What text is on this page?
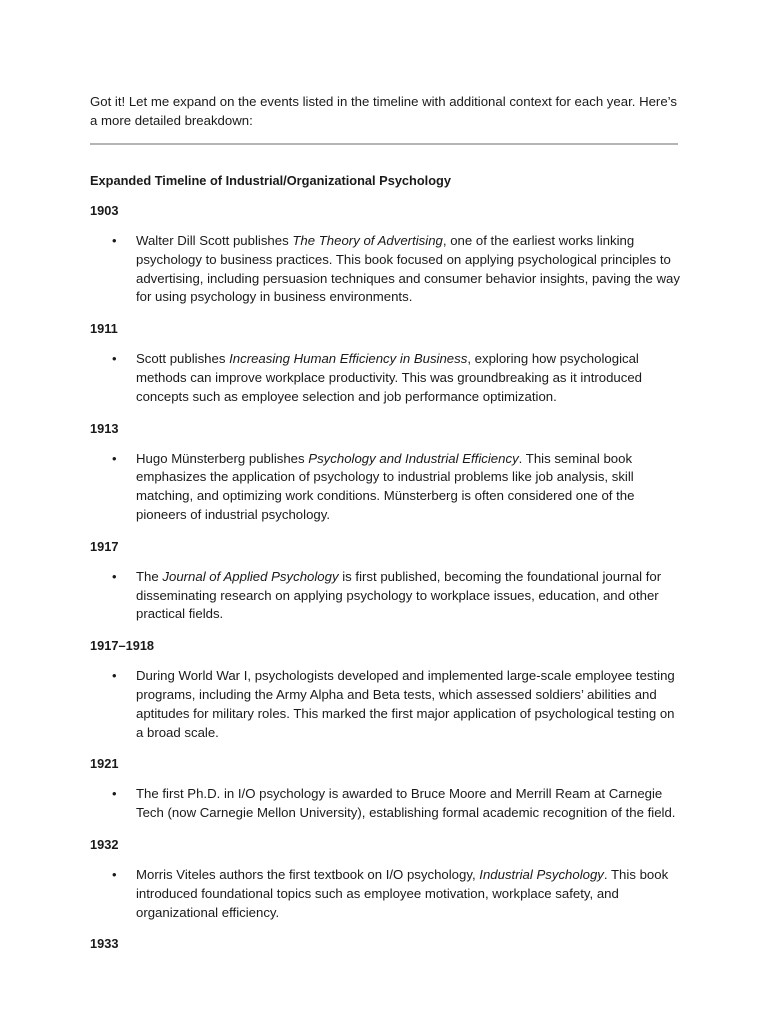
Got it! Let me expand on the events listed in the timeline with additional context for each year. Here’s a more detailed breakdown:

Expanded Timeline of Industrial/Organizational Psychology
1903
• Walter Dill Scott publishes The Theory of Advertising, one of the earliest works linking psychology to business practices. This book focused on applying psychological principles to advertising, including persuasion techniques and consumer behavior insights, paving the way for using psychology in business environments.
1911
• Scott publishes Increasing Human Efficiency in Business, exploring how psychological methods can improve workplace productivity. This was groundbreaking as it introduced concepts such as employee selection and job performance optimization.
1913
• Hugo Münsterberg publishes Psychology and Industrial Efficiency. This seminal book emphasizes the application of psychology to industrial problems like job analysis, skill matching, and optimizing work conditions. Münsterberg is often considered one of the pioneers of industrial psychology.
1917
• The Journal of Applied Psychology is first published, becoming the foundational journal for disseminating research on applying psychology to workplace issues, education, and other practical fields.
1917–1918
• During World War I, psychologists developed and implemented large-scale employee testing programs, including the Army Alpha and Beta tests, which assessed soldiers’ abilities and aptitudes for military roles. This marked the first major application of psychological testing on a broad scale.
1921
• The first Ph.D. in I/O psychology is awarded to Bruce Moore and Merrill Ream at Carnegie Tech (now Carnegie Mellon University), establishing formal academic recognition of the field.
1932
• Morris Viteles authors the first textbook on I/O psychology, Industrial Psychology. This book introduced foundational topics such as employee motivation, workplace safety, and organizational efficiency.
1933
